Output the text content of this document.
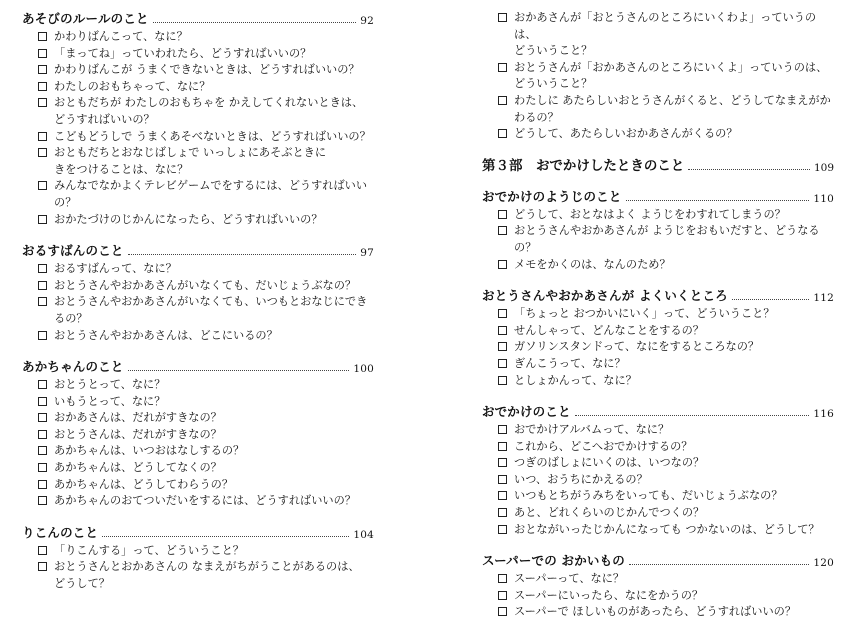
あそびのルールのこと	92
かわりばんこって、なに？
「まってね」っていわれたら、どうすればいいの？
かわりばんこが うまくできないときは、どうすればいいの？
わたしのおもちゃって、なに？
おともだちが わたしのおもちゃを かえしてくれないときは、
どうすればいいの？
こどもどうしで うまくあそべないときは、どうすればいいの？
おともだちとおなじばしょで いっしょにあそぶときに
きをつけることは、なに？
みんなでなかよくテレビゲームでをするには、どうすればいいの？
おかたづけのじかんになったら、どうすればいいの？
おるすばんのこと	97
おるすばんって、なに？
おとうさんやおかあさんがいなくても、だいじょうぶなの？
おとうさんやおかあさんがいなくても、いつもとおなじにできるの？
おとうさんやおかあさんは、どこにいるの？
あかちゃんのこと	100
おとうとって、なに？
いもうとって、なに？
おかあさんは、だれがすきなの？
おとうさんは、だれがすきなの？
あかちゃんは、いつおはなしするの？
あかちゃんは、どうしてなくの？
あかちゃんは、どうしてわらうの？
あかちゃんのおてついだいをするには、どうすればいいの？
りこんのこと	104
「りこんする」って、どういうこと？
おとうさんとおかあさんの なまえがちがうことがあるのは、
どうして？
おかあさんが「おとうさんのところにいくわよ」っていうのは、
どういうこと？
おとうさんが「おかあさんのところにいくよ」っていうのは、
どういうこと？
わたしに あたらしいおとうさんがくると、どうしてなまえがかわるの？
どうして、あたらしいおかあさんがくるの？
第３部　おでかけしたときのこと	109
おでかけのようじのこと	110
どうして、おとなはよく ようじをわすれてしまうの？
おとうさんやおかあさんが ようじをおもいだすと、どうなるの？
メモをかくのは、なんのため？
おとうさんやおかあさんが よくいくところ	112
「ちょっと おつかいにいく」って、どういうこと？
せんしゃって、どんなことをするの？
ガソリンスタンドって、なにをするところなの？
ぎんこうって、なに？
としょかんって、なに？
おでかけのこと	116
おでかけアルバムって、なに？
これから、どこへおでかけするの？
つぎのばしょにいくのは、いつなの？
いつ、おうちにかえるの？
いつもとちがうみちをいっても、だいじょうぶなの？
あと、どれくらいのじかんでつくの？
おとながいったじかんになっても つかないのは、どうして？
スーパーでの おかいもの	120
スーパーって、なに？
スーパーにいったら、なにをかうの？
スーパーで ほしいものがあったら、どうすればいいの？
